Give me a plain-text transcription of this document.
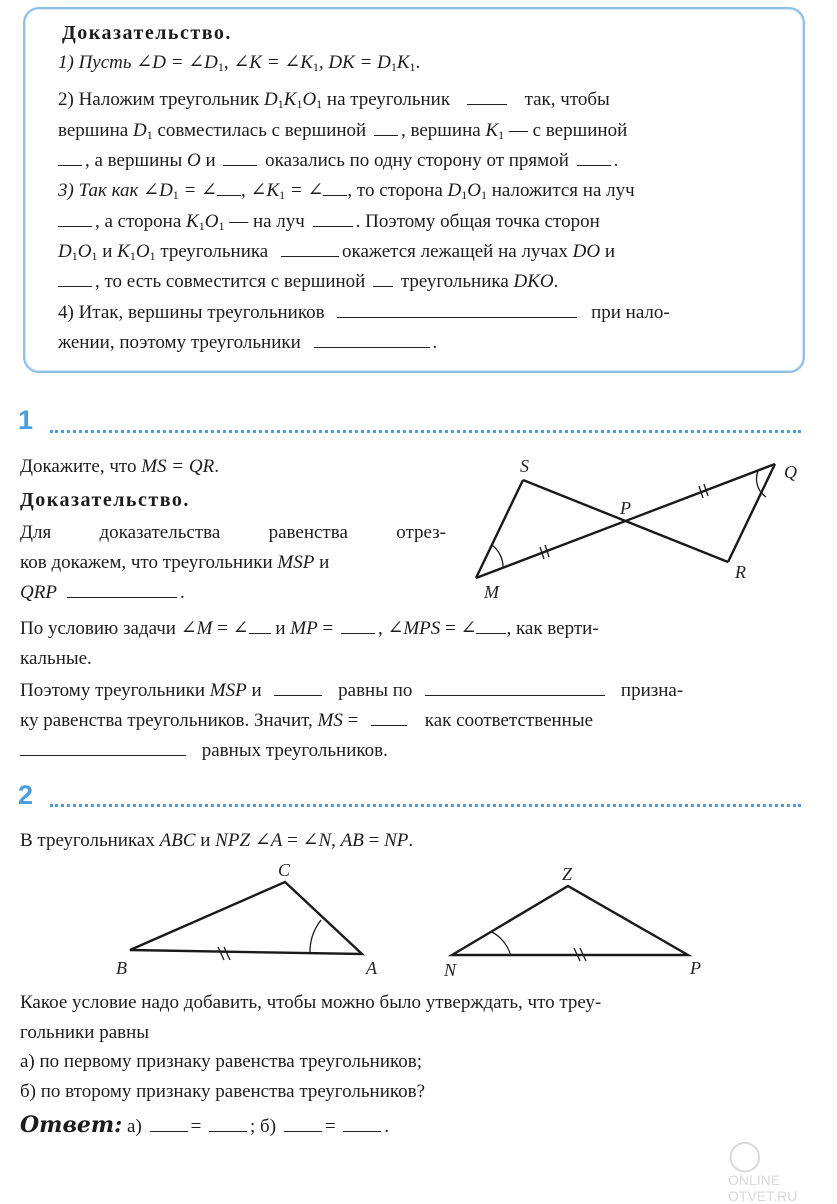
Доказательство.
1) Пусть ∠D = $\angle D_1$, ∠K = $\angle K_1$, DK = $D_1K_1$.
2) Наложим треугольник $D_1K_1O_1$ на треугольник	так, чтобы
вершина $D_1$ совместилась с вершиной , вершина $K_1$ — с вершиной
, а вершины O и	оказались по одну сторону от прямой .
3) Так как $\angle D_1$ = ∠ , $\angle K_1$ = ∠ , то сторона $D_1O_1$ наложится на луч
, а сторона $K_1O_1$ — на луч	. Поэтому общая точка сторон
$D_1O_1$ и $K_1O_1$ треугольника	окажется лежащей на лучах DO и
, то есть совместится с вершиной треугольника DKO.
4) Итак, вершины треугольников	при нало-
жении, поэтому треугольники	.
1
Докажите, что MS = QR.
Доказательство.
Для доказательства равенства отрез-
ков докажем, что треугольники MSP и
QRP	.
S	Q
P
M
R
По условию задачи ∠M = ∠ и MP = , ∠MPS = ∠ , как верти-
кальные.
Поэтому треугольники MSP и	равны по	призна-
ку равенства треугольников. Значит, MS =	как соответственные
равных треугольников.
2
В треугольниках ABC и NPZ ∠A = ∠N, AB = NP.
C
B	A
Z
N	P
Какое условие надо добавить, чтобы можно было утверждать, что треу-
гольники равны
а) по первому признаку равенства треугольников;
б) по второму признаку равенства треугольников?
Ответ: а)	=	; б)	=	.
◯
ONLINE
OTVET.RU
